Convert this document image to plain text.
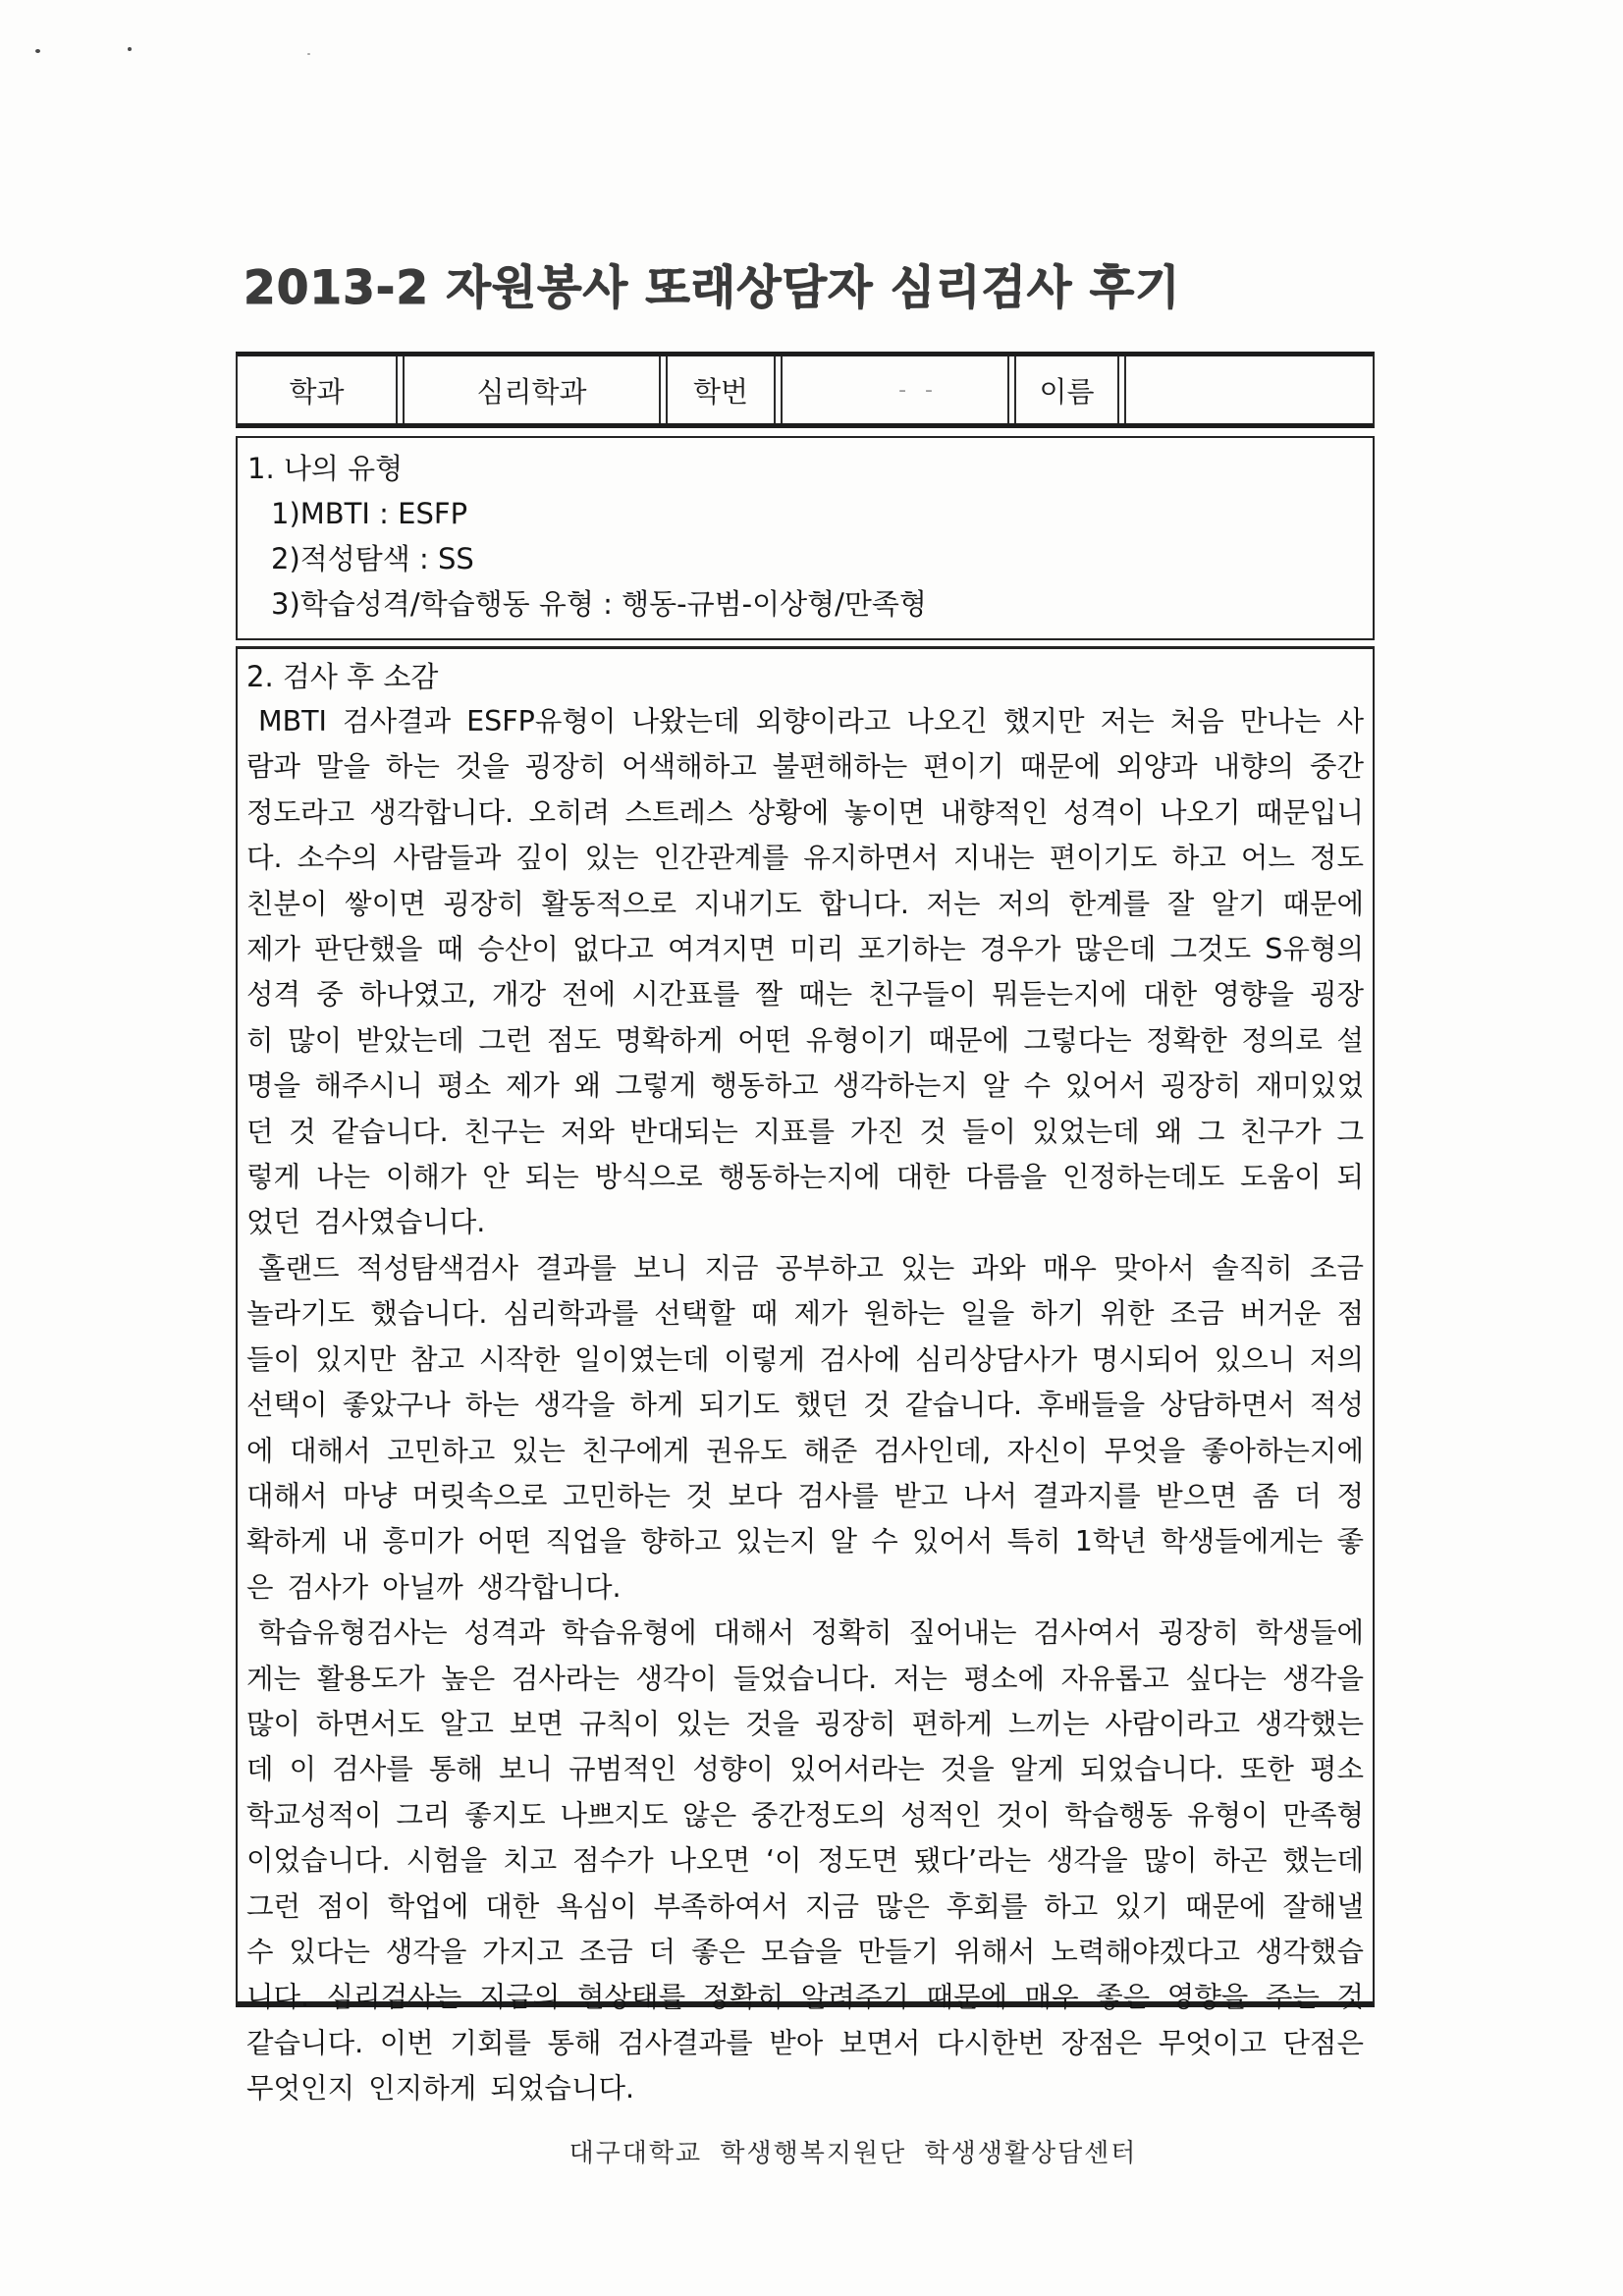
2013-2 자원봉사 또래상담자 심리검사 후기
학과	심리학과	학번	- -	이름
1. 나의 유형
1)MBTI : ESFP
2)적성탐색 : SS
3)학습성격/학습행동 유형 : 행동-규범-이상형/만족형
2. 검사 후 소감

MBTI 검사결과 ESFP유형이 나왔는데 외향이라고 나오긴 했지만 저는 처음 만나는 사람과 말을 하는 것을 굉장히 어색해하고 불편해하는 편이기 때문에 외양과 내향의 중간정도라고 생각합니다. 오히려 스트레스 상황에 놓이면 내향적인 성격이 나오기 때문입니다. 소수의 사람들과 깊이 있는 인간관계를 유지하면서 지내는 편이기도 하고 어느 정도 친분이 쌓이면 굉장히 활동적으로 지내기도 합니다. 저는 저의 한계를 잘 알기 때문에 제가 판단했을 때 승산이 없다고 여겨지면 미리 포기하는 경우가 많은데 그것도 S유형의 성격 중 하나였고, 개강 전에 시간표를 짤 때는 친구들이 뭐듣는지에 대한 영향을 굉장히 많이 받았는데 그런 점도 명확하게 어떤 유형이기 때문에 그렇다는 정확한 정의로 설명을 해주시니 평소 제가 왜 그렇게 행동하고 생각하는지 알 수 있어서 굉장히 재미있었던 것 같습니다. 친구는 저와 반대되는 지표를 가진 것 들이 있었는데 왜 그 친구가 그렇게 나는 이해가 안 되는 방식으로 행동하는지에 대한 다름을 인정하는데도 도움이 되었던 검사였습니다.

홀랜드 적성탐색검사 결과를 보니 지금 공부하고 있는 과와 매우 맞아서 솔직히 조금 놀라기도 했습니다. 심리학과를 선택할 때 제가 원하는 일을 하기 위한 조금 버거운 점들이 있지만 참고 시작한 일이였는데 이렇게 검사에 심리상담사가 명시되어 있으니 저의 선택이 좋았구나 하는 생각을 하게 되기도 했던 것 같습니다. 후배들을 상담하면서 적성에 대해서 고민하고 있는 친구에게 권유도 해준 검사인데, 자신이 무엇을 좋아하는지에 대해서 마냥 머릿속으로 고민하는 것 보다 검사를 받고 나서 결과지를 받으면 좀 더 정확하게 내 흥미가 어떤 직업을 향하고 있는지 알 수 있어서 특히 1학년 학생들에게는 좋은 검사가 아닐까 생각합니다.

학습유형검사는 성격과 학습유형에 대해서 정확히 짚어내는 검사여서 굉장히 학생들에게는 활용도가 높은 검사라는 생각이 들었습니다. 저는 평소에 자유롭고 싶다는 생각을 많이 하면서도 알고 보면 규칙이 있는 것을 굉장히 편하게 느끼는 사람이라고 생각했는데 이 검사를 통해 보니 규범적인 성향이 있어서라는 것을 알게 되었습니다. 또한 평소 학교성적이 그리 좋지도 나쁘지도 않은 중간정도의 성적인 것이 학습행동 유형이 만족형 이었습니다. 시험을 치고 점수가 나오면 ‘이 정도면 됐다’라는 생각을 많이 하곤 했는데 그런 점이 학업에 대한 욕심이 부족하여서 지금 많은 후회를 하고 있기 때문에 잘해낼 수 있다는 생각을 가지고 조금 더 좋은 모습을 만들기 위해서 노력해야겠다고 생각했습니다. 심리검사는 지금의 현상태를 정확히 알려주기 때문에 매우 좋은 영향을 주는 것 같습니다. 이번 기회를 통해 검사결과를 받아 보면서 다시한번 장점은 무엇이고 단점은 무엇인지 인지하게 되었습니다.

대구대학교 학생행복지원단 학생생활상담센터
